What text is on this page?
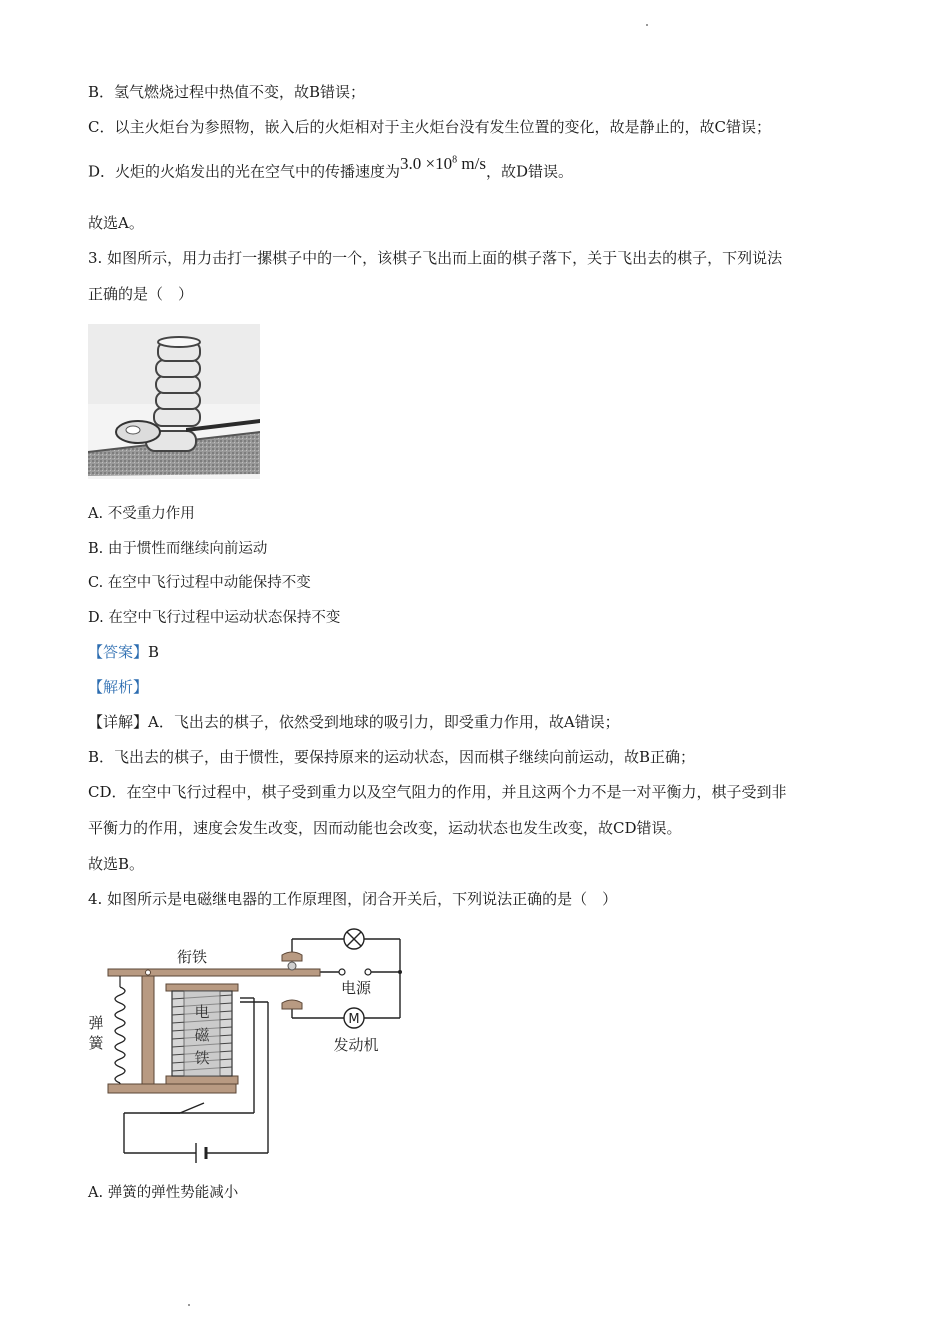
B．氢气燃烧过程中热值不变，故B错误；
C．以主火炬台为参照物，嵌入后的火炬相对于主火炬台没有发生位置的变化，故是静止的，故C错误；
D．火炬的火焰发出的光在空气中的传播速度为$3.0 \times 10^8$ m/s，故D错误。
故选A。
3. 如图所示，用力击打一摞棋子中的一个，该棋子飞出而上面的棋子落下，关于飞出去的棋子，下列说法
正确的是（　）
A. 不受重力作用
B. 由于惯性而继续向前运动
C. 在空中飞行过程中动能保持不变
D. 在空中飞行过程中运动状态保持不变
【答案】B
【解析】
【详解】A．飞出去的棋子，依然受到地球的吸引力，即受重力作用，故A错误；
B．飞出去的棋子，由于惯性，要保持原来的运动状态，因而棋子继续向前运动，故B正确；
CD．在空中飞行过程中，棋子受到重力以及空气阻力的作用，并且这两个力不是一对平衡力，棋子受到非
平衡力的作用，速度会发生改变，因而动能也会改变，运动状态也发生改变，故CD错误。
故选B。
4. 如图所示是电磁继电器的工作原理图，闭合开关后，下列说法正确的是（　）
M
衔铁
电源
发动机
弹
簧
电
磁
铁
A. 弹簧的弹性势能减小
